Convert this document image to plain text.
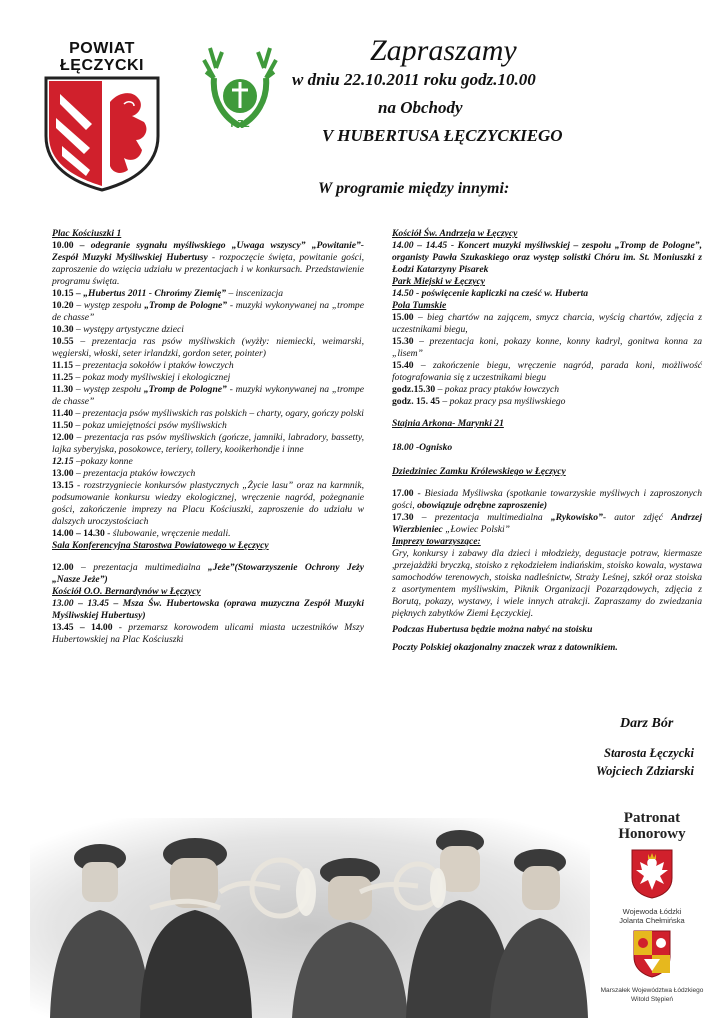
POWIAT
ŁĘCZYCKI
PZŁ
Zapraszamy
w dniu 22.10.2011 roku godz.10.00
na Obchody
V HUBERTUSA ŁĘCZYCKIEGO
W programie między innymi:

Plac Kościuszki 1

10.00 – odegranie sygnału myśliwskiego „Uwaga wszyscy” „Powitanie”- Zespół Muzyki Myśliwskiej Hubertusy - rozpoczęcie święta, powitanie gości, zaproszenie do wzięcia udziału w prezentacjach i w konkursach. Przedstawienie programu święta.

10.15 – „Hubertus 2011 - Chrońmy Ziemię” – inscenizacja

10.20 – występ zespołu „Tromp de Pologne” - muzyki wykonywanej na „trompe de chasse”

10.30 – występy artystyczne dzieci

10.55 – prezentacja ras psów myśliwskich (wyżły: niemiecki, weimarski, węgierski, włoski, seter irlandzki, gordon seter, pointer)

11.15 – prezentacja sokołów i ptaków łowczych

11.25 – pokaz mody myśliwskiej i ekologicznej

11.30 – występ zespołu „Tromp de Pologne” - muzyki wykonywanej na „trompe de chasse”

11.40 – prezentacja psów myśliwskich ras polskich – charty, ogary, gończy polski

11.50 – pokaz umiejętności psów myśliwskich

12.00 – prezentacja ras psów myśliwskich (gończe, jamniki, labradory, bassetty, lajka syberyjska, posokowce, teriery, tollery, kooikerhondje i inne

12.15 –pokazy konne

13.00 – prezentacja ptaków łowczych

13.15 - rozstrzygniecie konkursów plastycznych „Życie lasu” oraz na karmnik, podsumowanie konkursu wiedzy ekologicznej, wręczenie nagród, pożegnanie gości, zakończenie imprezy na Placu Kościuszki, zaproszenie do udziału w dalszych uroczystościach

14.00 – 14.30 - ślubowanie, wręczenie medali.

Sala Konferencyjna Starostwa Powiatowego w Łęczycy

12.00 – prezentacja multimedialna „Jeże”(Stowarzyszenie Ochrony Jeży „Nasze Jeże”)

Kościół O.O. Bernardynów w Łęczycy

13.00 – 13.45 – Msza Św. Hubertowska (oprawa muzyczna Zespół Muzyki Myśliwskiej Hubertusy)

13.45 – 14.00 - przemarsz korowodem ulicami miasta uczestników Mszy Hubertowskiej na Plac Kościuszki

Kościół Św. Andrzeja w Łęczycy

14.00 – 14.45 - Koncert muzyki myśliwskiej – zespołu „Tromp de Pologne”, organisty Pawła Szukaskiego oraz występ solistki Chóru im. St. Moniuszki z Łodzi Katarzyny Pisarek

Park Miejski w Łęczycy

14.50 - poświęcenie kapliczki na cześć w. Huberta

Pola Tumskie

15.00 – bieg chartów na zającem, smycz charcia, wyścig chartów, zdjęcia z uczestnikami biegu,

15.30 – prezentacja koni, pokazy konne, konny kadryl, gonitwa konna za „lisem”

15.40 – zakończenie biegu, wręczenie nagród, parada koni, możliwość fotografowania się z uczestnikami biegu

godz.15.30 – pokaz pracy ptaków łowczych

godz. 15. 45 – pokaz pracy psa myśliwskiego

Stajnia Arkona- Marynki 21

18.00 -Ognisko

Dziedziniec Zamku Królewskiego w Łęczycy

17.00 - Biesiada Myśliwska (spotkanie towarzyskie myśliwych i zaproszonych gości, obowiązuje odrębne zaproszenie)

17.30 – prezentacja multimedialna „Rykowisko”- autor zdjęć Andrzej Wierzbieniec „Łowiec Polski”

Imprezy towarzyszące:

Gry, konkursy i zabawy dla dzieci i młodzieży, degustacje potraw, kiermasze ,przejażdżki bryczką, stoisko z rękodziełem indiańskim, stoisko kowala, wystawa samochodów terenowych, stoiska nadleśnictw, Straży Leśnej, szkół oraz stoiska z asortymentem myśliwskim, Piknik Organizacji Pozarządowych, zdjęcia z Borutą, pokazy, wystawy, i wiele innych atrakcji. Zapraszamy do zwiedzania pięknych zabytków Ziemi Łęczyckiej.

Podczas Hubertusa będzie można nabyć na stoisku

Poczty Polskiej okazjonalny znaczek wraz z datownikiem.

Darz Bór
Starosta Łęczycki
Wojciech Zdziarski
Patronat
Honorowy
Wojewoda Łódzki
Jolanta Chełmińska
Marszałek Województwa Łódzkiego
Witold Stępień
